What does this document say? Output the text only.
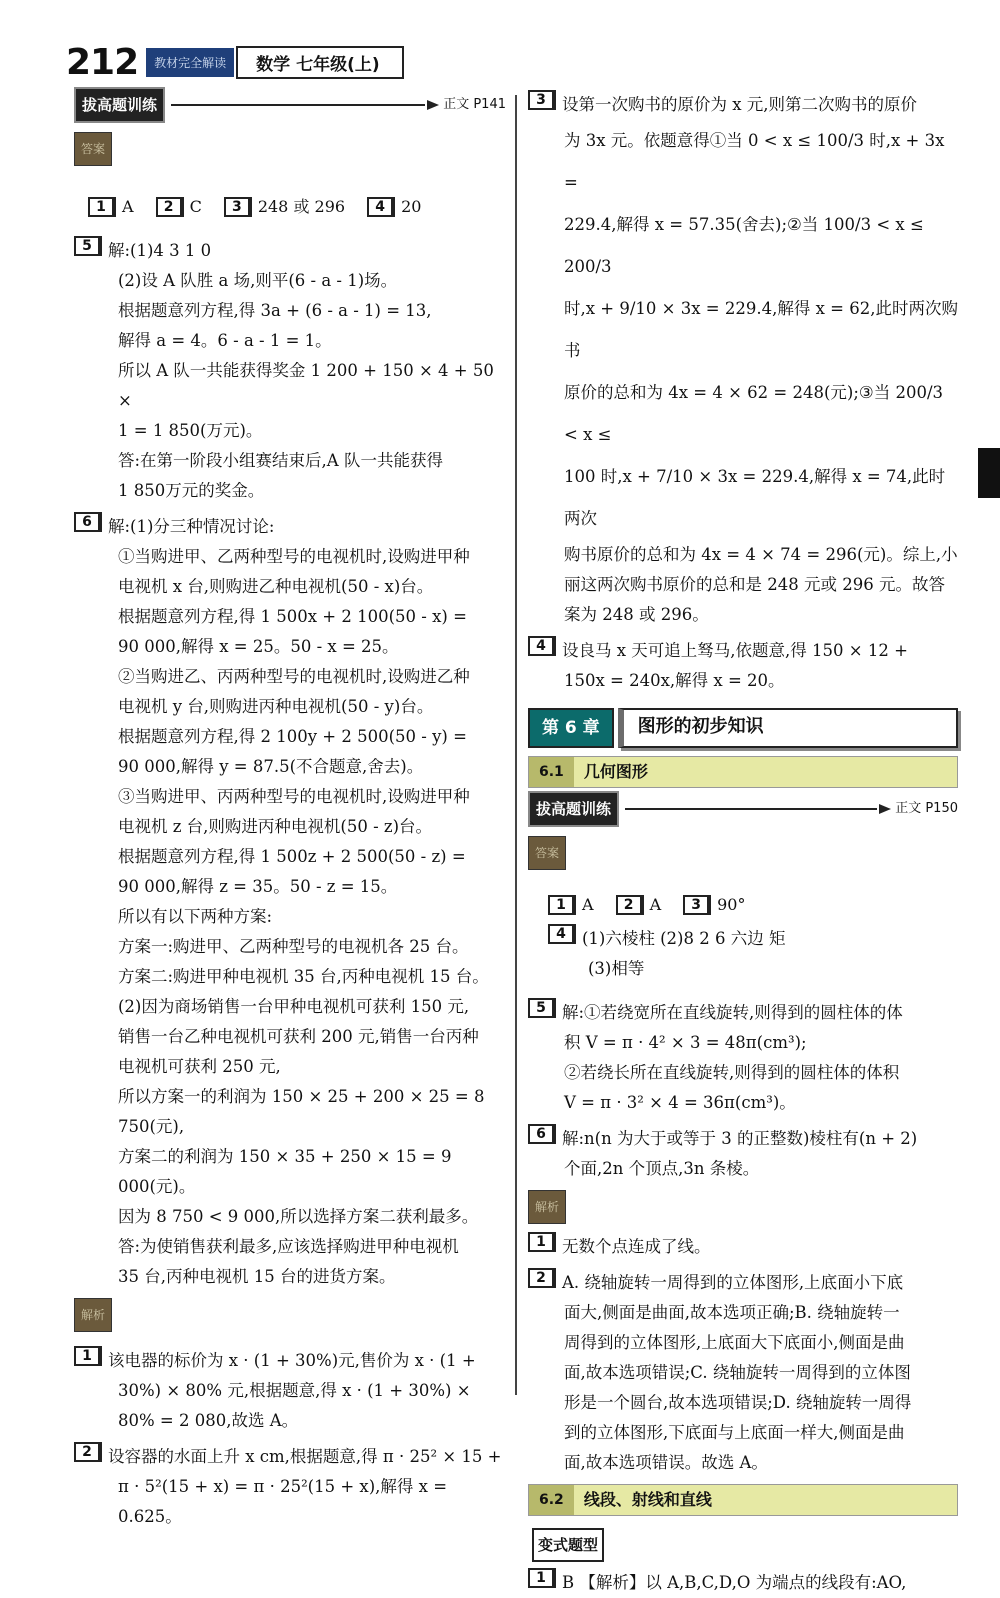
212	教材完全解读	数学 七年级(上)
拔高题训练	正文 P141
答案
1	A	2	C	3	248 或 296	4	20

5 解:(1)4 3 1 0

(2)设 A 队胜 a 场,则平(6 - a - 1)场。

根据题意列方程,得 3a + (6 - a - 1) = 13,

解得 a = 4。6 - a - 1 = 1。

所以 A 队一共能获得奖金 1 200 + 150 × 4 + 50 ×

1 = 1 850(万元)。

答:在第一阶段小组赛结束后,A 队一共能获得

1 850万元的奖金。

6 解:(1)分三种情况讨论:

①当购进甲、乙两种型号的电视机时,设购进甲种

电视机 x 台,则购进乙种电视机(50 - x)台。

根据题意列方程,得 1 500x + 2 100(50 - x) =

90 000,解得 x = 25。50 - x = 25。

②当购进乙、丙两种型号的电视机时,设购进乙种

电视机 y 台,则购进丙种电视机(50 - y)台。

根据题意列方程,得 2 100y + 2 500(50 - y) =

90 000,解得 y = 87.5(不合题意,舍去)。

③当购进甲、丙两种型号的电视机时,设购进甲种

电视机 z 台,则购进丙种电视机(50 - z)台。

根据题意列方程,得 1 500z + 2 500(50 - z) =

90 000,解得 z = 35。50 - z = 15。

所以有以下两种方案:

方案一:购进甲、乙两种型号的电视机各 25 台。

方案二:购进甲种电视机 35 台,丙种电视机 15 台。

(2)因为商场销售一台甲种电视机可获利 150 元,

销售一台乙种电视机可获利 200 元,销售一台丙种

电视机可获利 250 元,

所以方案一的利润为 150 × 25 + 200 × 25 = 8 750(元),

方案二的利润为 150 × 35 + 250 × 15 = 9 000(元)。

因为 8 750 < 9 000,所以选择方案二获利最多。

答:为使销售获利最多,应该选择购进甲种电视机

35 台,丙种电视机 15 台的进货方案。

解析

1 该电器的标价为 x · (1 + 30%)元,售价为 x · (1 +

30%) × 80% 元,根据题意,得 x · (1 + 30%) ×

80% = 2 080,故选 A。

2 设容器的水面上升 x cm,根据题意,得 π · 25² × 15 +

π · 5²(15 + x) = π · 25²(15 + x),解得 x = 0.625。

3 设第一次购书的原价为 x 元,则第二次购书的原价

为 3x 元。依题意得①当 0 < x ≤ 100/3 时,x + 3x =

229.4,解得 x = 57.35(舍去);②当 100/3 < x ≤ 200/3

时,x + 9/10 × 3x = 229.4,解得 x = 62,此时两次购书

原价的总和为 4x = 4 × 62 = 248(元);③当 200/3 < x ≤

100 时,x + 7/10 × 3x = 229.4,解得 x = 74,此时两次

购书原价的总和为 4x = 4 × 74 = 296(元)。综上,小

丽这两次购书原价的总和是 248 元或 296 元。故答

案为 248 或 296。

4 设良马 x 天可追上驽马,依题意,得 150 × 12 +

150x = 240x,解得 x = 20。

第 6 章	图形的初步知识
6.1	几何图形
拔高题训练	正文 P150
答案
1	A	2	A	3	90°

4 (1)六棱柱 (2)8 2 6 六边 矩

(3)相等

5 解:①若绕宽所在直线旋转,则得到的圆柱体的体

积 V = π · 4² × 3 = 48π(cm³);

②若绕长所在直线旋转,则得到的圆柱体的体积

V = π · 3² × 4 = 36π(cm³)。

6 解:n(n 为大于或等于 3 的正整数)棱柱有(n + 2)

个面,2n 个顶点,3n 条棱。

解析

1 无数个点连成了线。

2 A. 绕轴旋转一周得到的立体图形,上底面小下底

面大,侧面是曲面,故本选项正确;B. 绕轴旋转一

周得到的立体图形,上底面大下底面小,侧面是曲

面,故本选项错误;C. 绕轴旋转一周得到的立体图

形是一个圆台,故本选项错误;D. 绕轴旋转一周得

到的立体图形,下底面与上底面一样大,侧面是曲

面,故本选项错误。故选 A。

6.2	线段、射线和直线
变式题型

1 B 【解析】以 A,B,C,D,O 为端点的线段有:AO,
